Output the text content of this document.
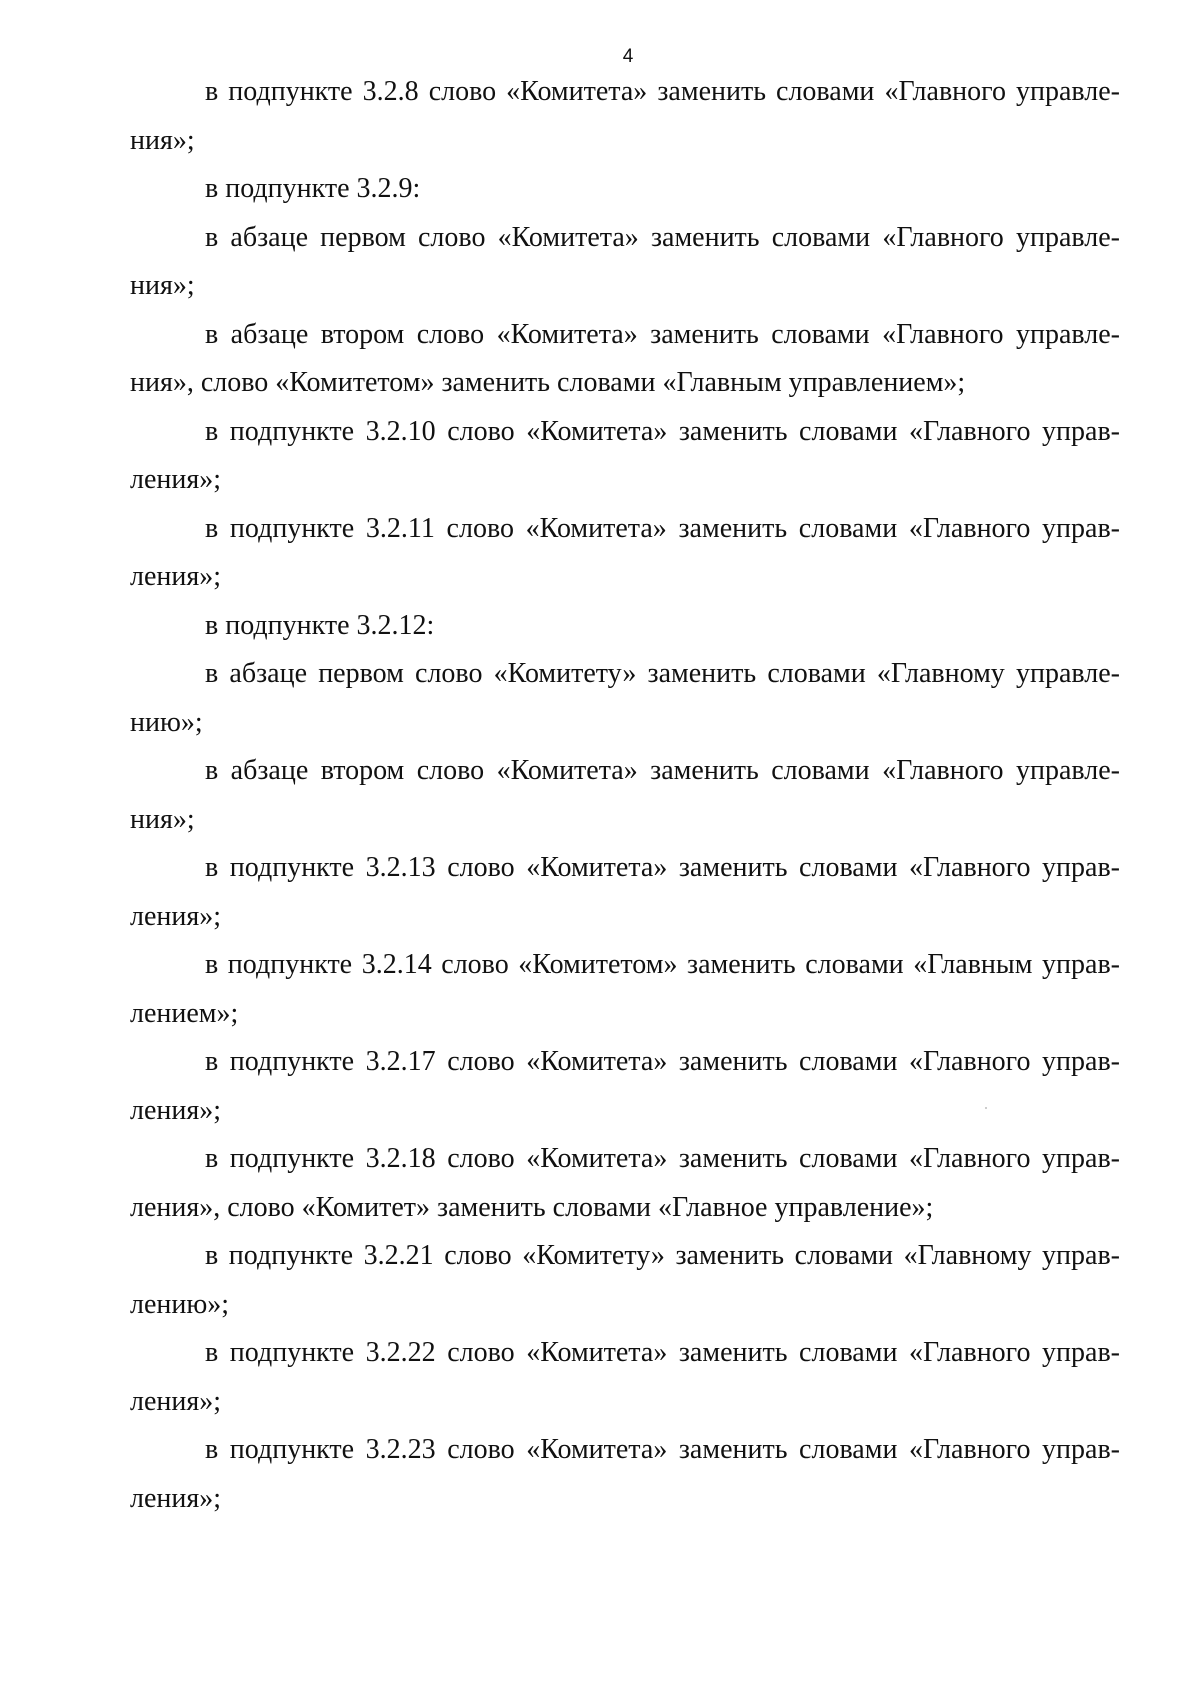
4
в подпункте 3.2.8 слово «Комитета» заменить словами «Главного управле-
ния»;
в подпункте 3.2.9:
в абзаце первом слово «Комитета» заменить словами «Главного управле-
ния»;
в абзаце втором слово «Комитета» заменить словами «Главного управле-
ния», слово «Комитетом» заменить словами «Главным управлением»;
в подпункте 3.2.10 слово «Комитета» заменить словами «Главного управ-
ления»;
в подпункте 3.2.11 слово «Комитета» заменить словами «Главного управ-
ления»;
в подпункте 3.2.12:
в абзаце первом слово «Комитету» заменить словами «Главному управле-
нию»;
в абзаце втором слово «Комитета» заменить словами «Главного управле-
ния»;
в подпункте 3.2.13 слово «Комитета» заменить словами «Главного управ-
ления»;
в подпункте 3.2.14 слово «Комитетом» заменить словами «Главным управ-
лением»;
в подпункте 3.2.17 слово «Комитета» заменить словами «Главного управ-
ления»;
в подпункте 3.2.18 слово «Комитета» заменить словами «Главного управ-
ления», слово «Комитет» заменить словами «Главное управление»;
в подпункте 3.2.21 слово «Комитету» заменить словами «Главному управ-
лению»;
в подпункте 3.2.22 слово «Комитета» заменить словами «Главного управ-
ления»;
в подпункте 3.2.23 слово «Комитета» заменить словами «Главного управ-
ления»;
